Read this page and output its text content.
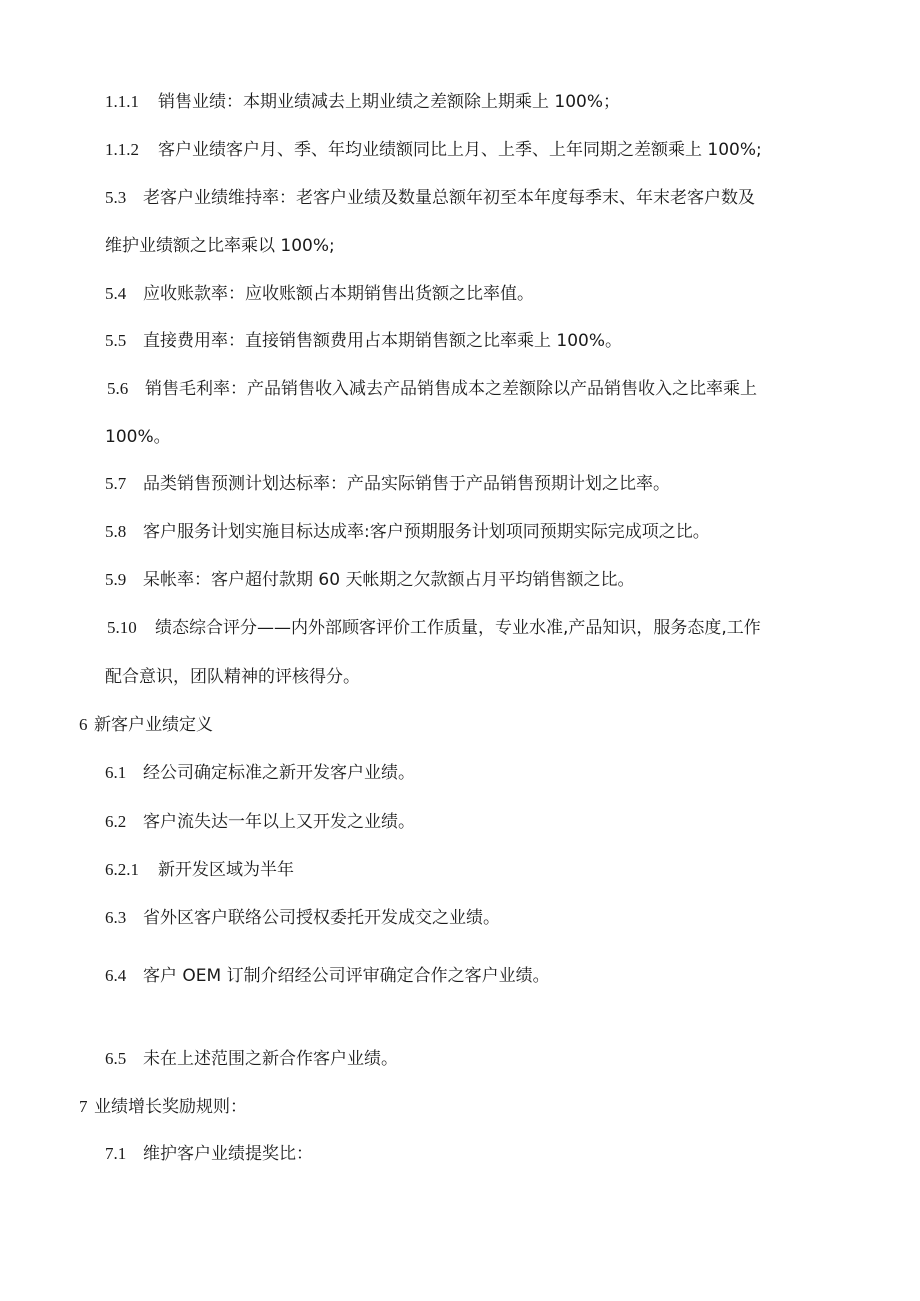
1.1.1 销售业绩：本期业绩减去上期业绩之差额除上期乘上 100%；
1.1.2 客户业绩客户月、季、年均业绩额同比上月、上季、上年同期之差额乘上 100%;
5.3 老客户业绩维持率：老客户业绩及数量总额年初至本年度每季末、年末老客户数及
维护业绩额之比率乘以 100%;
5.4 应收账款率：应收账额占本期销售出货额之比率值。
5.5 直接费用率：直接销售额费用占本期销售额之比率乘上 100%。
5.6 销售毛利率：产品销售收入减去产品销售成本之差额除以产品销售收入之比率乘上
100%。
5.7 品类销售预测计划达标率：产品实际销售于产品销售预期计划之比率。
5.8 客户服务计划实施目标达成率:客户预期服务计划项同预期实际完成项之比。
5.9 呆帐率：客户超付款期 60 天帐期之欠款额占月平均销售额之比。
5.10 绩态综合评分——内外部顾客评价工作质量，专业水准,产品知识，服务态度,工作
配合意识，团队精神的评核得分。
6 新客户业绩定义
6.1 经公司确定标准之新开发客户业绩。
6.2 客户流失达一年以上又开发之业绩。
6.2.1 新开发区域为半年
6.3 省外区客户联络公司授权委托开发成交之业绩。
6.4 客户 OEM 订制介绍经公司评审确定合作之客户业绩。
6.5 未在上述范围之新合作客户业绩。
7 业绩增长奖励规则：
7.1 维护客户业绩提奖比：
